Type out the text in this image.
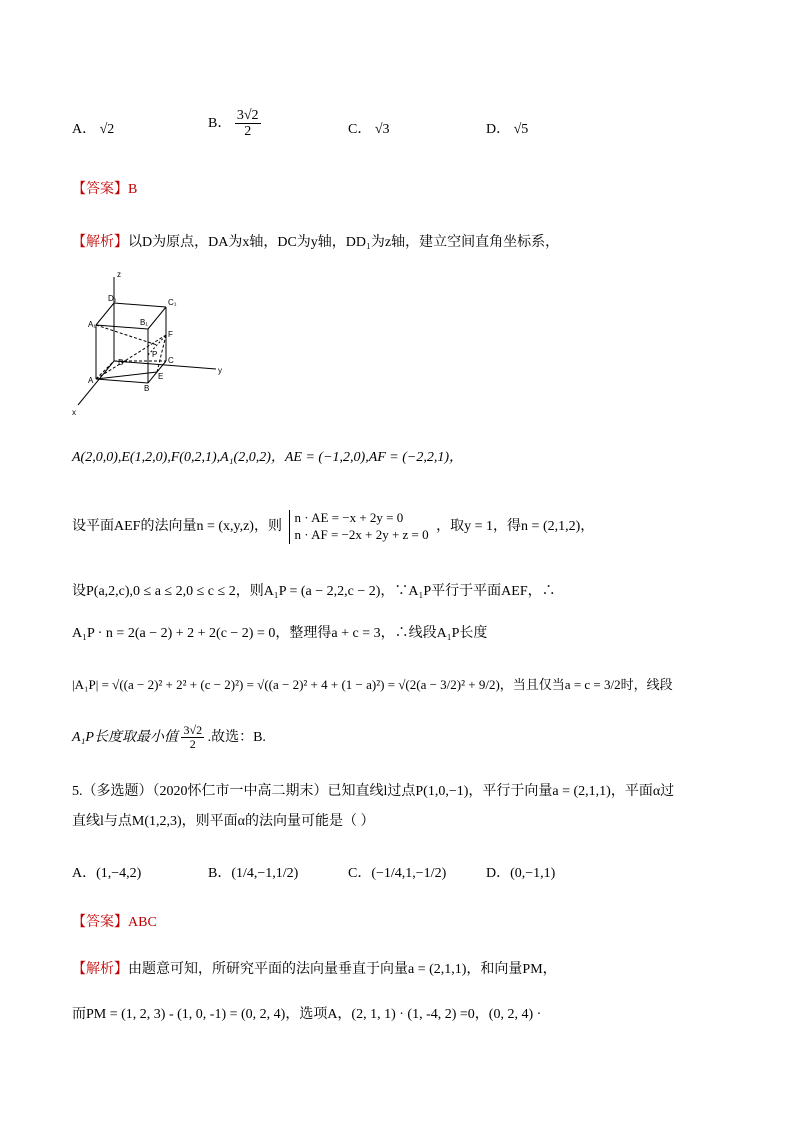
A． √2	B． $\frac{3√2}{2}$	C． √3	D． √5
【答案】B
【解析】以D为原点，DA为x轴，DC为y轴，DD₁为z轴，建立空间直角坐标系，
z
D₁	C₁
A₁	B₁
F
P
D	C
A	E
B
y
x
A(2,0,0),E(1,2,0),F(0,2,1),A₁(2,0,2)，AE = (−1,2,0),AF = (−2,2,1)，
设平面AEF的法向量n = (x,y,z)，则
n · AE = −x + 2y = 0
n · AF = −2x + 2y + z = 0
，取y = 1，得n = (2,1,2)，
设P(a,2,c),0 ≤ a ≤ 2,0 ≤ c ≤ 2，则A₁P = (a − 2,2,c − 2)，∵A₁P平行于平面AEF，∴
A₁P · n = 2(a − 2) + 2 + 2(c − 2) = 0，整理得a + c = 3，∴线段A₁P长度
|A₁P| = √((a − 2)² + 2² + (c − 2)²) = √((a − 2)² + 4 + (1 − a)²) = √(2(a − 3/2)² + 9/2)，当且仅当a = c = 3/2时，线段
A₁P长度取最小值 $\frac{3√2}{2}$ .故选：B.
5.（多选题）（2020怀仁市一中高二期末）已知直线l过点P(1,0,−1)，平行于向量a = (2,1,1)，平面α过
直线l与点M(1,2,3)，则平面α的法向量可能是（ ）
A．(1,−4,2)	B．(1/4,−1,1/2)	C．(−1/4,1,−1/2)	D．(0,−1,1)
【答案】ABC
【解析】由题意可知，所研究平面的法向量垂直于向量a = (2,1,1)，和向量PM，
而PM = (1, 2, 3) - (1, 0, -1) = (0, 2, 4)，选项A，(2, 1, 1) · (1, -4, 2) =0，(0, 2, 4) ·
